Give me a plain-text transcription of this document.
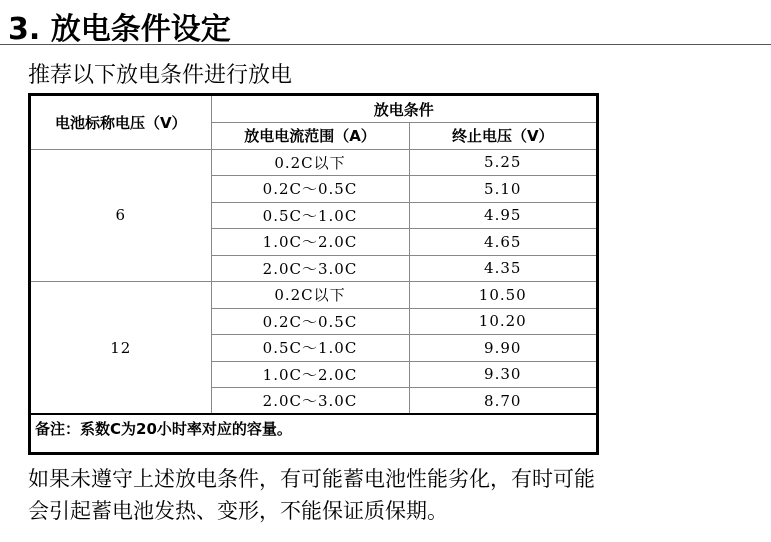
3. 放电条件设定
推荐以下放电条件进行放电
电池标称电压（V）	放电条件	
	放电电流范围（A）	终止电压（V）
6	0.2C以下	5.25
	0.2C～0.5C	5.10
	0.5C～1.0C	4.95
	1.0C～2.0C	4.65
	2.0C～3.0C	4.35
12	0.2C以下	10.50
	0.2C～0.5C	10.20
	0.5C～1.0C	9.90
	1.0C～2.0C	9.30
	2.0C～3.0C	8.70
备注：系数C为20小时率对应的容量。		
如果未遵守上述放电条件，有可能蓄电池性能劣化，有时可能
会引起蓄电池发热、变形，不能保证质保期。
